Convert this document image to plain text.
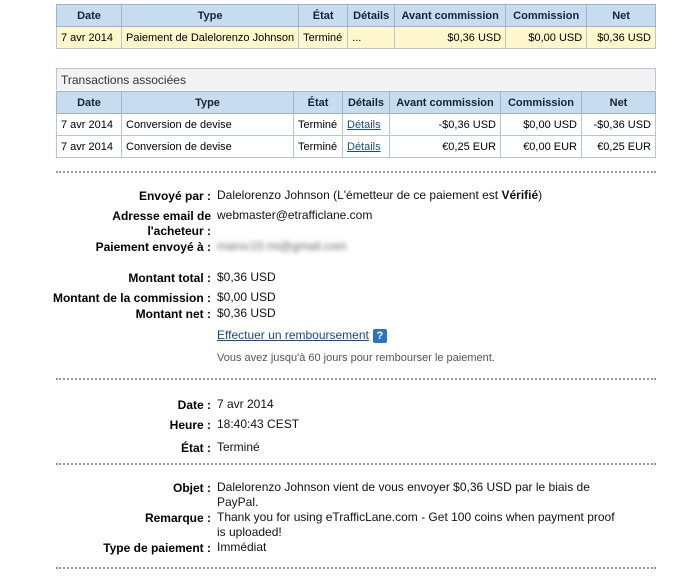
Date	Type	État	Détails	Avant commission	Commission	Net
7 avr 2014	Paiement de Dalelorenzo Johnson	Terminé	...	$0,36 USD	$0,00 USD	$0,36 USD
Transactions associées
Date	Type	État	Détails	Avant commission	Commission	Net
7 avr 2014	Conversion de devise	Terminé	Détails	-$0,36 USD	$0,00 USD	-$0,36 USD
7 avr 2014	Conversion de devise	Terminé	Détails	€0,25 EUR	€0,00 EUR	€0,25 EUR
Envoyé par : Dalelorenzo Johnson (L'émetteur de ce paiement est Vérifié)
Adresse email de
l'acheteur :
webmaster@etrafficlane.com
Paiement envoyé à : maroc10.mi@gmail.com
Montant total : $0,36 USD
Montant de la commission : $0,00 USD
Montant net : $0,36 USD
Effectuer un remboursement ?
Vous avez jusqu'à 60 jours pour rembourser le paiement.
Date : 7 avr 2014
Heure : 18:40:43 CEST
État : Terminé
Objet : Dalelorenzo Johnson vient de vous envoyer $0,36 USD par le biais de
PayPal.
Remarque : Thank you for using eTrafficLane.com - Get 100 coins when payment proof
is uploaded!
Type de paiement : Immédiat
